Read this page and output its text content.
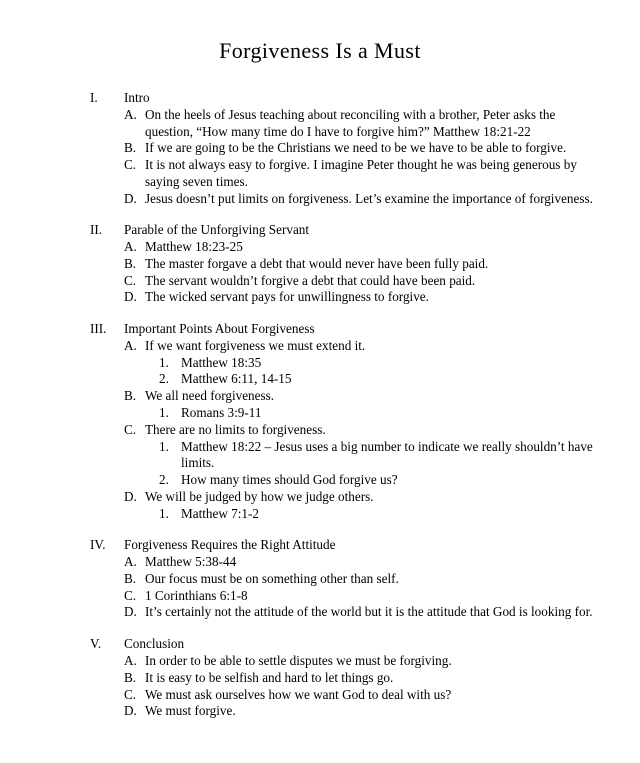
Forgiveness Is a Must
I.	Intro
A. On the heels of Jesus teaching about reconciling with a brother, Peter asks the question, “How many time do I have to forgive him?” Matthew 18:21-22
B. If we are going to be the Christians we need to be we have to be able to forgive.
C. It is not always easy to forgive. I imagine Peter thought he was being generous by saying seven times.
D. Jesus doesn’t put limits on forgiveness. Let’s examine the importance of forgiveness.
II.	Parable of the Unforgiving Servant
A. Matthew 18:23-25
B. The master forgave a debt that would never have been fully paid.
C. The servant wouldn’t forgive a debt that could have been paid.
D. The wicked servant pays for unwillingness to forgive.
III.	Important Points About Forgiveness
A. If we want forgiveness we must extend it.
1. Matthew 18:35
2. Matthew 6:11, 14-15
B. We all need forgiveness.
1. Romans 3:9-11
C. There are no limits to forgiveness.
1. Matthew 18:22 – Jesus uses a big number to indicate we really shouldn’t have limits.
2. How many times should God forgive us?
D. We will be judged by how we judge others.
1. Matthew 7:1-2
IV.	Forgiveness Requires the Right Attitude
A. Matthew 5:38-44
B. Our focus must be on something other than self.
C. 1 Corinthians 6:1-8
D. It’s certainly not the attitude of the world but it is the attitude that God is looking for.
V.	Conclusion
A. In order to be able to settle disputes we must be forgiving.
B. It is easy to be selfish and hard to let things go.
C. We must ask ourselves how we want God to deal with us?
D. We must forgive.
